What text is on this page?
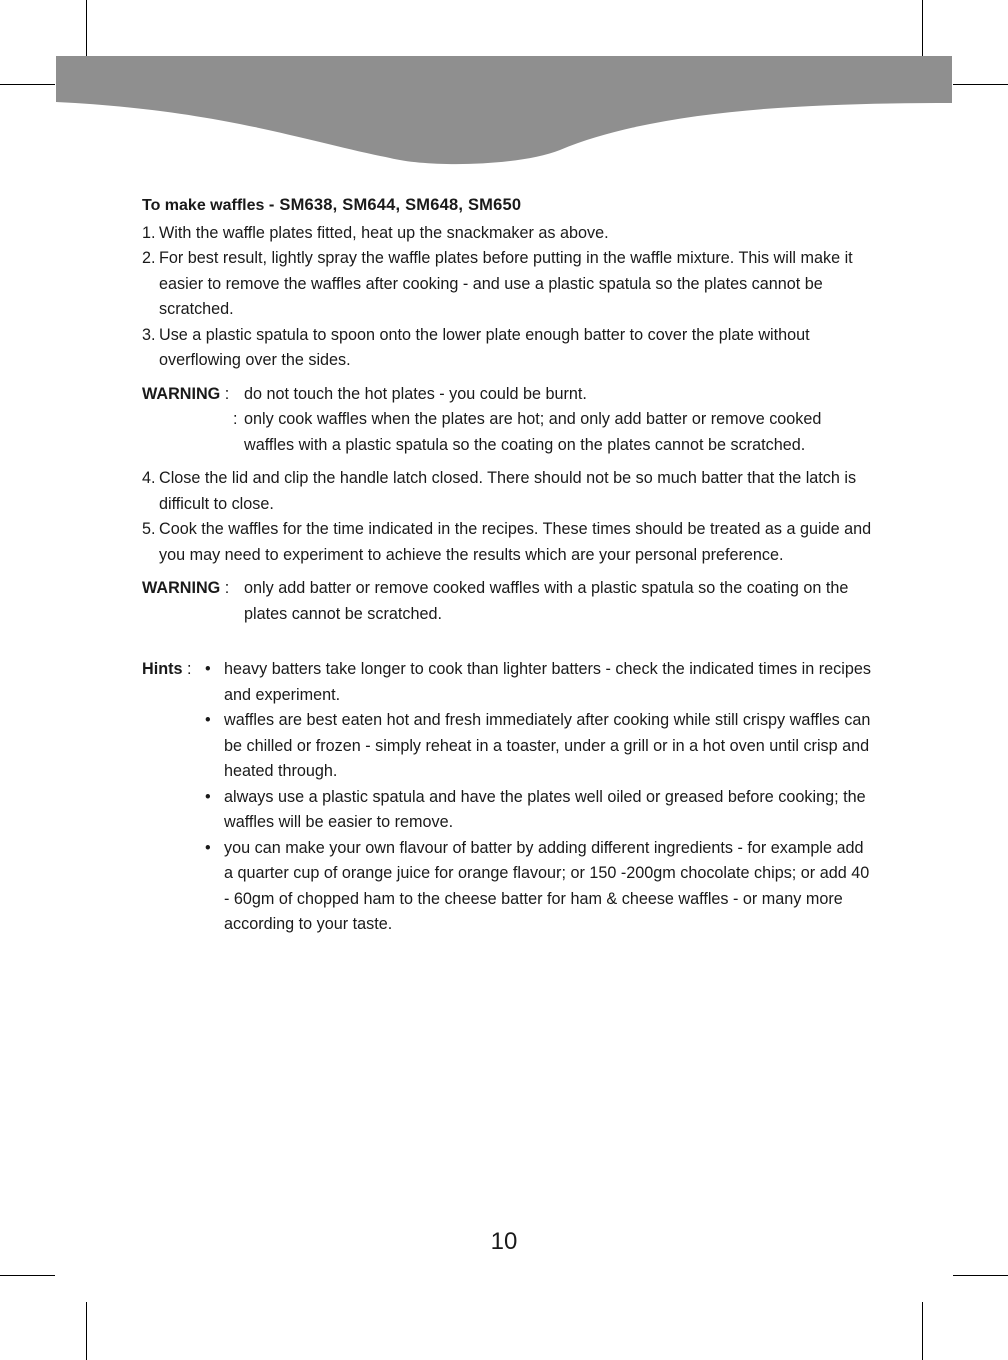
To make waffles - SM638, SM644, SM648, SM650
1. With the waffle plates fitted, heat up the snackmaker as above.
2. For best result, lightly spray the waffle plates before putting in the waffle mixture. This will make it easier to remove the waffles after cooking - and use a plastic spatula so the plates cannot be scratched.
3. Use a plastic spatula to spoon onto the lower plate enough batter to cover the plate without overflowing over the sides.
WARNING : do not touch the hot plates - you could be burnt.
: only cook waffles when the plates are hot; and only add batter or remove cooked waffles with a plastic spatula so the coating on the plates cannot be scratched.
4. Close the lid and clip the handle latch closed. There should not be so much batter that the latch is difficult to close.
5. Cook the waffles for the time indicated in the recipes. These times should be treated as a guide and you may need to experiment to achieve the results which are your personal preference.
WARNING : only add batter or remove cooked waffles with a plastic spatula so the coating on the plates cannot be scratched.
Hints : • heavy batters take longer to cook than lighter batters - check the indicated times in recipes and experiment.
• waffles are best eaten hot and fresh immediately after cooking while still crispy waffles can be chilled or frozen - simply reheat in a toaster, under a grill or in a hot oven until crisp and heated through.
• always use a plastic spatula and have the plates well oiled or greased before cooking; the waffles will be easier to remove.
• you can make your own flavour of batter by adding different ingredients - for example add a quarter cup of orange juice for orange flavour; or 150 -200gm chocolate chips; or add 40 - 60gm of chopped ham to the cheese batter for ham & cheese waffles - or many more according to your taste.
10
